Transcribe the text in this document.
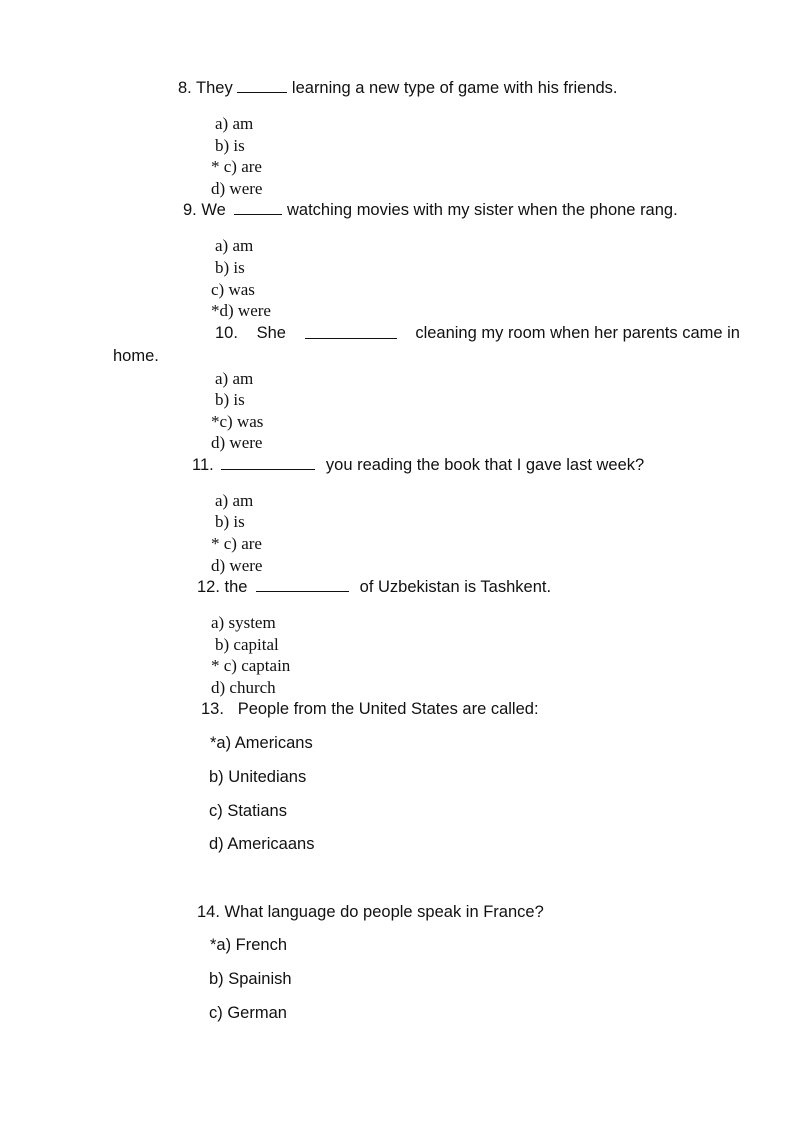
8. They	learning a new type of game with his friends.
a) am
b) is
* c) are
d) were
9. We	watching movies with my sister when the phone rang.
a) am
b) is
c) was
*d) were
10. She	cleaning my room when her parents came in
home.
a) am
b) is
*c) was
d) were
11.	you reading the book that I gave last week?
a) am
b) is
* c) are
d) were
12. the	of Uzbekistan is Tashkent.
a) system
b) capital
* c) captain
d) church
13.   People from the United States are called:
*a) Americans
b) Unitedians
c) Statians
d) Americaans
14. What language do people speak in France?
*a) French
b) Spainish
c) German
